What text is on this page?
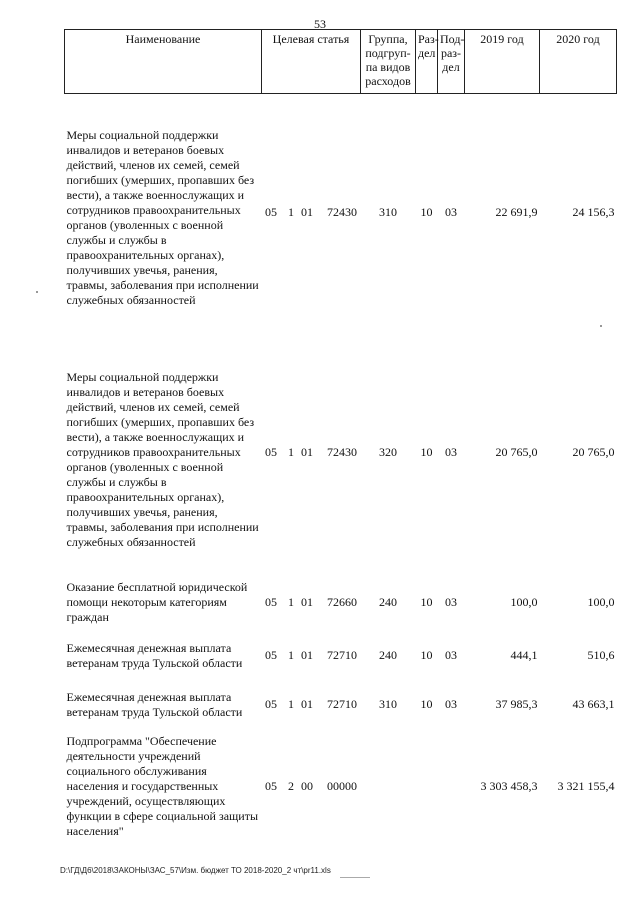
53
Наименование	Целевая статья	Группа, подгруп- па видов расходов	Раз- дел	Под- раз- дел	2019 год	2020 год
Меры социальной поддержки инвалидов и ветеранов боевых действий, членов их семей, семей погибших (умерших, пропавших без вести), а также военнослужащих и сотрудников правоохранительных органов (уволенных с военной службы и службы в правоохранительных органах), получивших увечья, ранения, травмы, заболевания при исполнении служебных обязанностей	05 1 01 72430	310	10	03	22 691,9	24 156,3
Меры социальной поддержки инвалидов и ветеранов боевых действий, членов их семей, семей погибших (умерших, пропавших без вести), а также военнослужащих и сотрудников правоохранительных органов (уволенных с военной службы и службы в правоохранительных органах), получивших увечья, ранения, травмы, заболевания при исполнении служебных обязанностей	05 1 01 72430	320	10	03	20 765,0	20 765,0
Оказание бесплатной юридической помощи некоторым категориям граждан	05 1 01 72660	240	10	03	100,0	100,0
Ежемесячная денежная выплата ветеранам труда Тульской области	05 1 01 72710	240	10	03	444,1	510,6
Ежемесячная денежная выплата ветеранам труда Тульской области	05 1 01 72710	310	10	03	37 985,3	43 663,1
Подпрограмма "Обеспечение деятельности учреждений социального обслуживания населения и государственных учреждений, осуществляющих функции в сфере социальной защиты населения"	05 2 00 00000				3 303 458,3	3 321 155,4
D:\ГД\Д6\2018\ЗАКОНЫ\ЗАС_57\Изм. бюджет ТО 2018-2020_2 чт\pr11.xls
